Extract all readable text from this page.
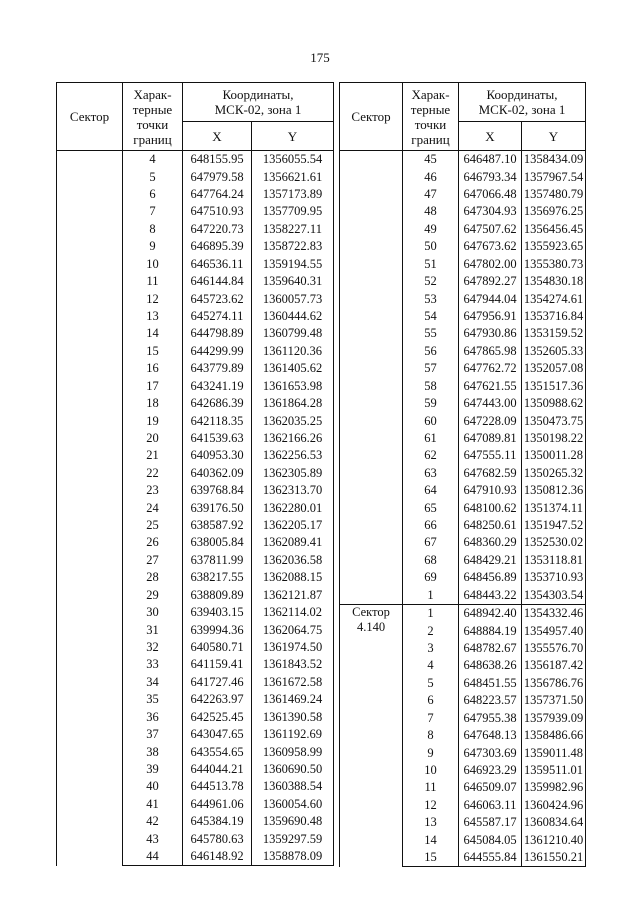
175
Сектор	Харак-
терные
точки
границ	Координаты,
МСК-02, зона 1	
		X	Y
	4	648155.95	1356055.54
	5	647979.58	1356621.61
	6	647764.24	1357173.89
	7	647510.93	1357709.95
	8	647220.73	1358227.11
	9	646895.39	1358722.83
	10	646536.11	1359194.55
	11	646144.84	1359640.31
	12	645723.62	1360057.73
	13	645274.11	1360444.62
	14	644798.89	1360799.48
	15	644299.99	1361120.36
	16	643779.89	1361405.62
	17	643241.19	1361653.98
	18	642686.39	1361864.28
	19	642118.35	1362035.25
	20	641539.63	1362166.26
	21	640953.30	1362256.53
	22	640362.09	1362305.89
	23	639768.84	1362313.70
	24	639176.50	1362280.01
	25	638587.92	1362205.17
	26	638005.84	1362089.41
	27	637811.99	1362036.58
	28	638217.55	1362088.15
	29	638809.89	1362121.87
	30	639403.15	1362114.02
	31	639994.36	1362064.75
	32	640580.71	1361974.50
	33	641159.41	1361843.52
	34	641727.46	1361672.58
	35	642263.97	1361469.24
	36	642525.45	1361390.58
	37	643047.65	1361192.69
	38	643554.65	1360958.99
	39	644044.21	1360690.50
	40	644513.78	1360388.54
	41	644961.06	1360054.60
	42	645384.19	1359690.48
	43	645780.63	1359297.59
	44	646148.92	1358878.09
Сектор	Харак-
терные
точки
границ	Координаты,
МСК-02, зона 1	
		X	Y
	45	646487.10	1358434.09
	46	646793.34	1357967.54
	47	647066.48	1357480.79
	48	647304.93	1356976.25
	49	647507.62	1356456.45
	50	647673.62	1355923.65
	51	647802.00	1355380.73
	52	647892.27	1354830.18
	53	647944.04	1354274.61
	54	647956.91	1353716.84
	55	647930.86	1353159.52
	56	647865.98	1352605.33
	57	647762.72	1352057.08
	58	647621.55	1351517.36
	59	647443.00	1350988.62
	60	647228.09	1350473.75
	61	647089.81	1350198.22
	62	647555.11	1350011.28
	63	647682.59	1350265.32
	64	647910.93	1350812.36
	65	648100.62	1351374.11
	66	648250.61	1351947.52
	67	648360.29	1352530.02
	68	648429.21	1353118.81
	69	648456.89	1353710.93
	1	648443.22	1354303.54
Сектор
4.140	1	648942.40	1354332.46
	2	648884.19	1354957.40
	3	648782.67	1355576.70
	4	648638.26	1356187.42
	5	648451.55	1356786.76
	6	648223.57	1357371.50
	7	647955.38	1357939.09
	8	647648.13	1358486.66
	9	647303.69	1359011.48
	10	646923.29	1359511.01
	11	646509.07	1359982.96
	12	646063.11	1360424.96
	13	645587.17	1360834.64
	14	645084.05	1361210.40
	15	644555.84	1361550.21
